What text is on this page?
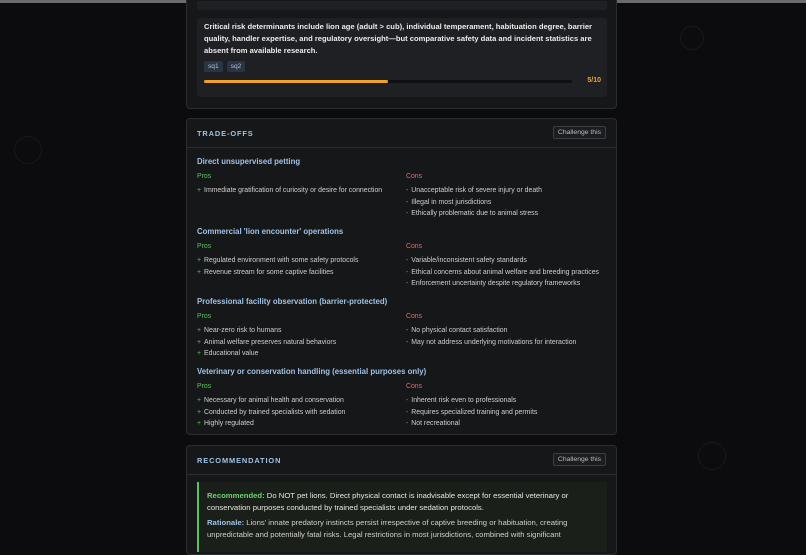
Critical risk determinants include lion age (adult > cub), individual temperament, habituation degree, barrier quality, handler expertise, and regulatory oversight—but comparative safety data and incident statistics are absent from available research.
sq1	sq2
5/10
TRADE-OFFS	Challenge this
Direct unsupervised petting
Pros
+ Immediate gratification of curiosity or desire for connection
Cons
- Unacceptable risk of severe injury or death
- Illegal in most jurisdictions
- Ethically problematic due to animal stress
Commercial 'lion encounter' operations
Pros
+ Regulated environment with some safety protocols
+ Revenue stream for some captive facilities
Cons
- Variable/inconsistent safety standards
- Ethical concerns about animal welfare and breeding practices
- Enforcement uncertainty despite regulatory frameworks
Professional facility observation (barrier-protected)
Pros
+ Near-zero risk to humans
+ Animal welfare preserves natural behaviors
+ Educational value
Cons
- No physical contact satisfaction
- May not address underlying motivations for interaction
Veterinary or conservation handling (essential purposes only)
Pros
+ Necessary for animal health and conservation
+ Conducted by trained specialists with sedation
+ Highly regulated
Cons
- Inherent risk even to professionals
- Requires specialized training and permits
- Not recreational
RECOMMENDATION	Challenge this
Recommended: Do NOT pet lions. Direct physical contact is inadvisable except for essential veterinary or conservation purposes conducted by trained specialists under sedation protocols.
Rationale: Lions' innate predatory instincts persist irrespective of captive breeding or habituation, creating unpredictable and potentially fatal risks. Legal restrictions in most jurisdictions, combined with significant
